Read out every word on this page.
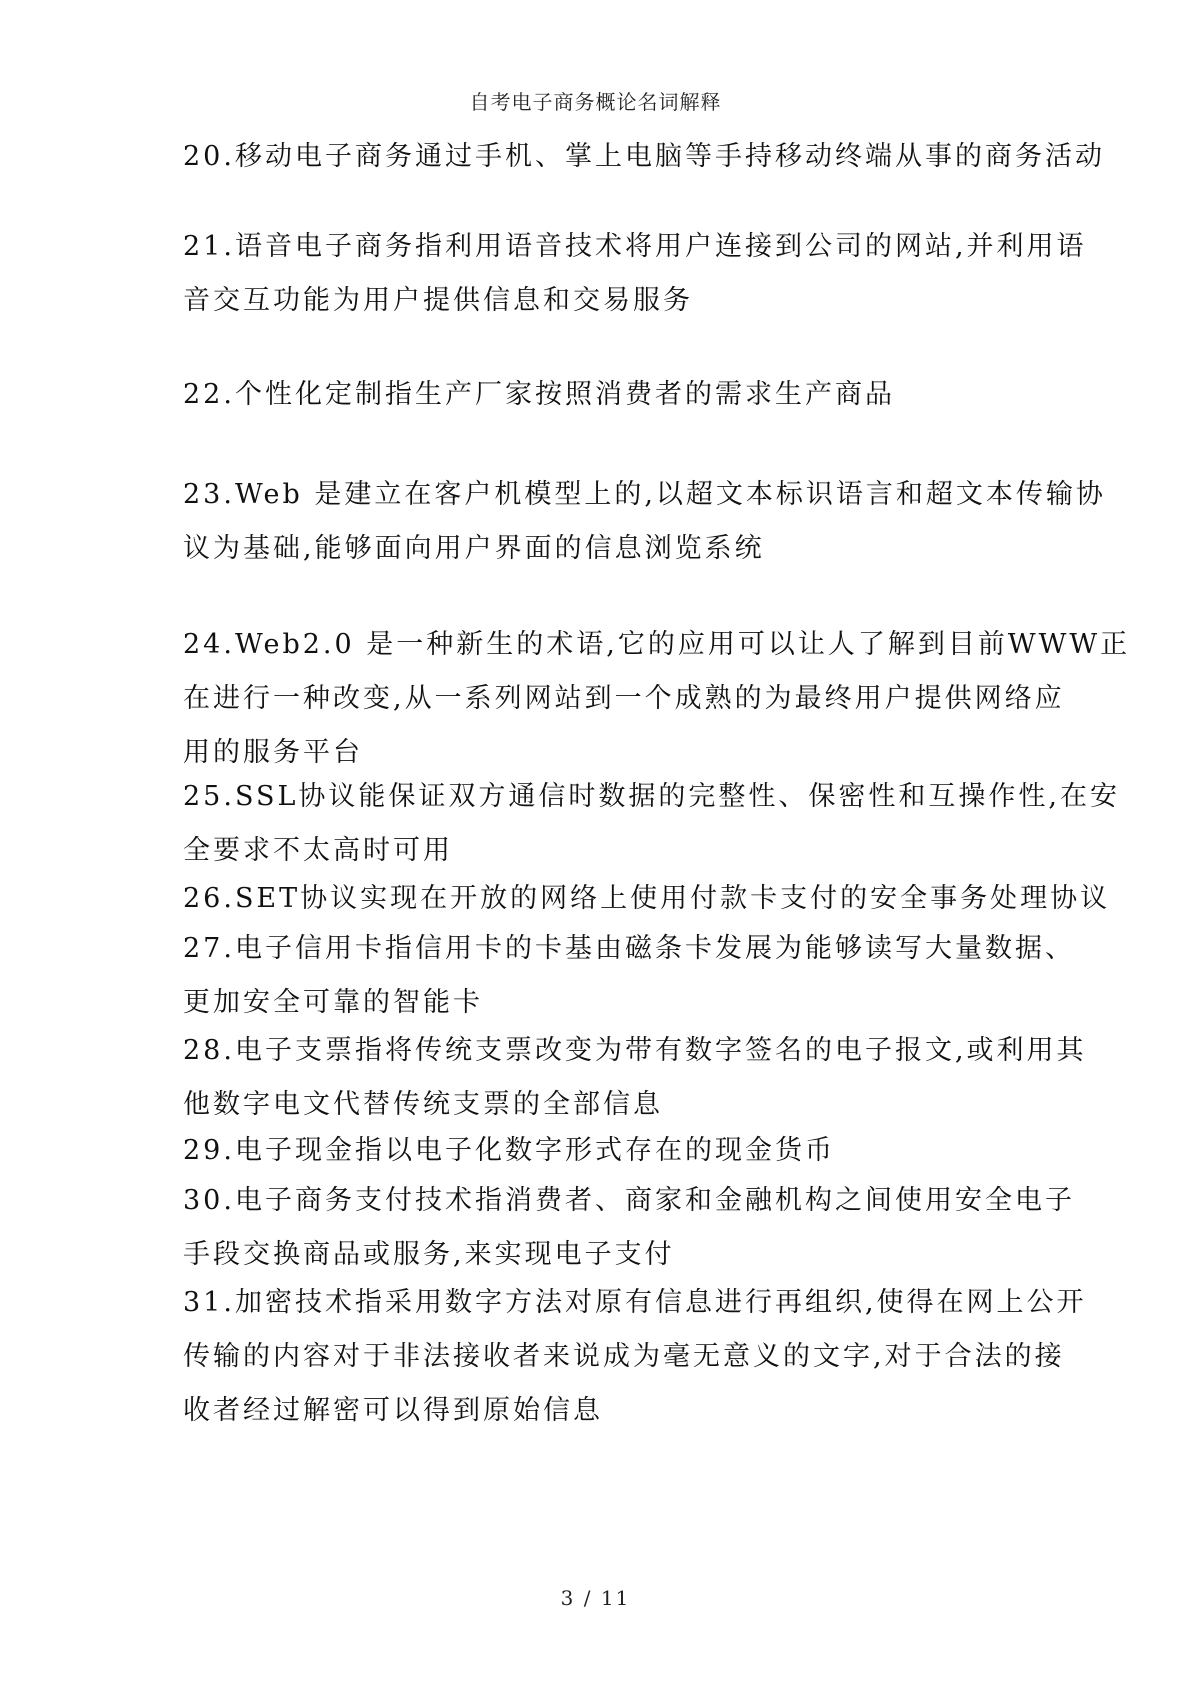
自考电子商务概论名词解释

20.移动电子商务通过手机、掌上电脑等手持移动终端从事的商务活动

21.语音电子商务指利用语音技术将用户连接到公司的网站,并利用语
音交互功能为用户提供信息和交易服务

22.个性化定制指生产厂家按照消费者的需求生产商品

23.Web 是建立在客户机模型上的,以超文本标识语言和超文本传输协
议为基础,能够面向用户界面的信息浏览系统

24.Web2.0 是一种新生的术语,它的应用可以让人了解到目前WWW正
在进行一种改变,从一系列网站到一个成熟的为最终用户提供网络应
用的服务平台

25.SSL协议能保证双方通信时数据的完整性、保密性和互操作性,在安
全要求不太高时可用

26.SET协议实现在开放的网络上使用付款卡支付的安全事务处理协议

27.电子信用卡指信用卡的卡基由磁条卡发展为能够读写大量数据、
更加安全可靠的智能卡

28.电子支票指将传统支票改变为带有数字签名的电子报文,或利用其
他数字电文代替传统支票的全部信息

29.电子现金指以电子化数字形式存在的现金货币

30.电子商务支付技术指消费者、商家和金融机构之间使用安全电子
手段交换商品或服务,来实现电子支付

31.加密技术指采用数字方法对原有信息进行再组织,使得在网上公开
传输的内容对于非法接收者来说成为毫无意义的文字,对于合法的接
收者经过解密可以得到原始信息

3 / 11
